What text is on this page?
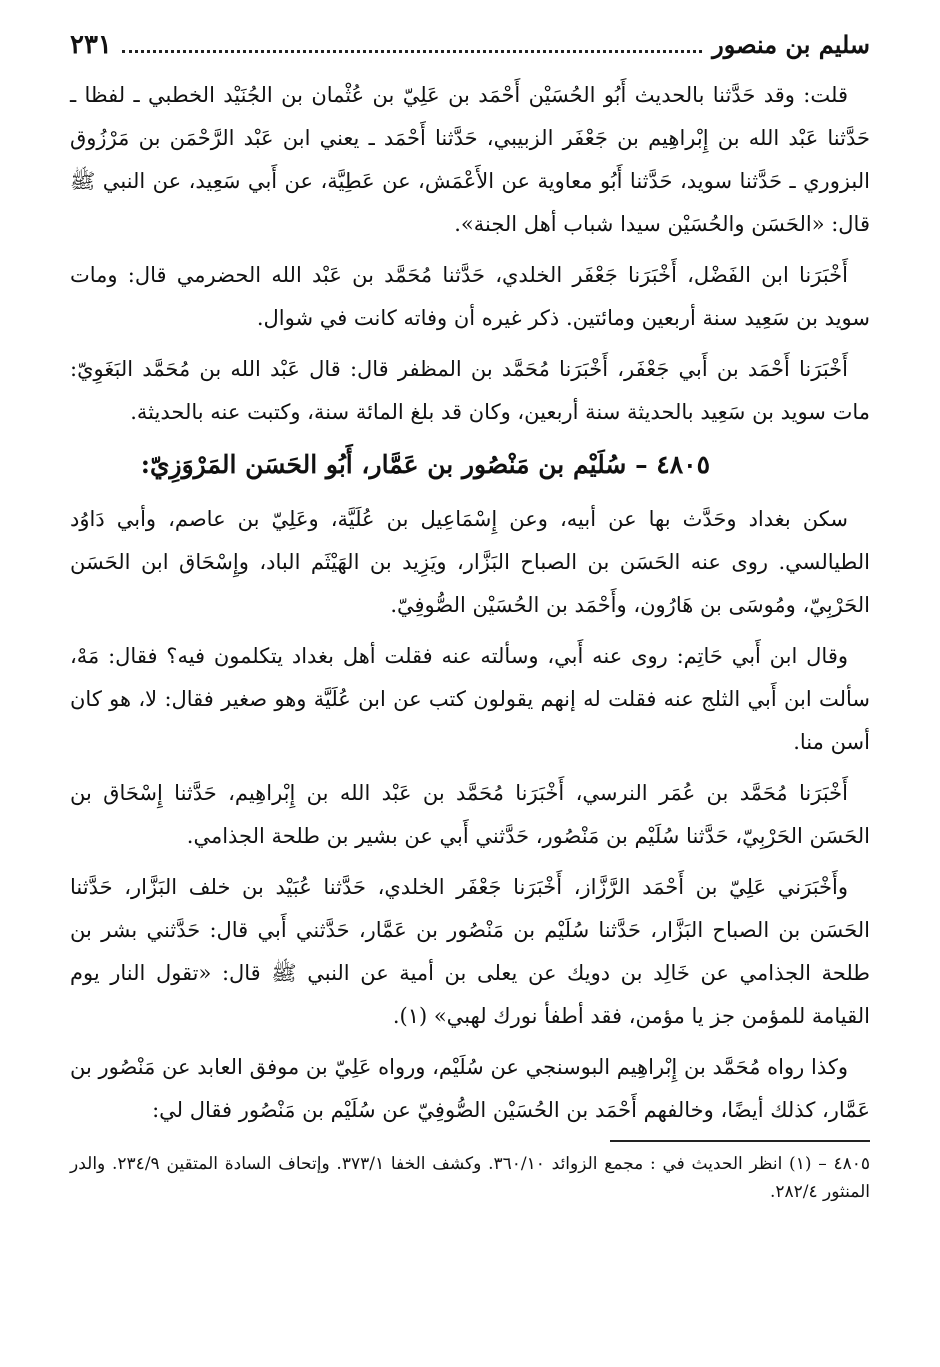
سليم بن منصور
٢٣١

قلت: وقد حَدَّثنا بالحديث أَبُو الحُسَيْن أَحْمَد بن عَلِيّ بن عُثْمان بن الجُنَيْد الخطبي ـ لفظا ـ حَدَّثنا عَبْد الله بن إِبْراهِيم بن جَعْفَر الزبيبي، حَدَّثنا أَحْمَد ـ يعني ابن عَبْد الرَّحْمَن بن مَرْزُوق البزوري ـ حَدَّثنا سويد، حَدَّثنا أَبُو معاوية عن الأَعْمَش، عن عَطِيَّة، عن أَبي سَعِيد، عن النبي ﷺ قال: «الحَسَن والحُسَيْن سيدا شباب أهل الجنة».

أَخْبَرَنا ابن الفَضْل، أَخْبَرَنا جَعْفَر الخلدي، حَدَّثنا مُحَمَّد بن عَبْد الله الحضرمي قال: ومات سويد بن سَعِيد سنة أربعين ومائتين. ذكر غيره أن وفاته كانت في شوال.

أَخْبَرَنا أَحْمَد بن أَبي جَعْفَر، أَخْبَرَنا مُحَمَّد بن المظفر قال: قال عَبْد الله بن مُحَمَّد البَغَوِيّ: مات سويد بن سَعِيد بالحديثة سنة أربعين، وكان قد بلغ المائة سنة، وكتبت عنه بالحديثة.

٤٨٠٥ – سُلَيْم بن مَنْصُور بن عَمَّار، أَبُو الحَسَن المَرْوَزِيّ:

سكن بغداد وحَدَّث بها عن أبيه، وعن إِسْمَاعِيل بن عُلَيَّة، وعَلِيّ بن عاصم، وأبي دَاوُد الطيالسي. روى عنه الحَسَن بن الصباح البَزَّار، ويَزِيد بن الهَيْثَم الباد، وإِسْحَاق ابن الحَسَن الحَرْبِيّ، ومُوسَى بن هَارُون، وأَحْمَد بن الحُسَيْن الصُّوفِيّ.

وقال ابن أَبي حَاتِم: روى عنه أَبي، وسألته عنه فقلت أهل بغداد يتكلمون فيه؟ فقال: مَهْ، سألت ابن أَبي الثلج عنه فقلت له إنهم يقولون كتب عن ابن عُلَيَّة وهو صغير فقال: لا، هو كان أسن منا.

أَخْبَرَنا مُحَمَّد بن عُمَر النرسي، أَخْبَرَنا مُحَمَّد بن عَبْد الله بن إِبْراهِيم، حَدَّثنا إِسْحَاق بن الحَسَن الحَرْبِيّ، حَدَّثنا سُلَيْم بن مَنْصُور، حَدَّثني أَبي عن بشير بن طلحة الجذامي.

وأَخْبَرَني عَلِيّ بن أَحْمَد الرَّزَّاز، أَخْبَرَنا جَعْفَر الخلدي، حَدَّثنا عُبَيْد بن خلف البَزَّار، حَدَّثنا الحَسَن بن الصباح البَزَّار، حَدَّثنا سُلَيْم بن مَنْصُور بن عَمَّار، حَدَّثني أَبي قال: حَدَّثني بشر بن طلحة الجذامي عن خَالِد بن دويك عن يعلى بن أمية عن النبي ﷺ قال: «تقول النار يوم القيامة للمؤمن جز يا مؤمن، فقد أطفأ نورك لهبي» (١).

وكذا رواه مُحَمَّد بن إِبْراهِيم البوسنجي عن سُلَيْم، ورواه عَلِيّ بن موفق العابد عن مَنْصُور بن عَمَّار، كذلك أيضًا، وخالفهم أَحْمَد بن الحُسَيْن الصُّوفِيّ عن سُلَيْم بن مَنْصُور فقال لي:

٤٨٠٥ – (١) انظر الحديث في : مجمع الزوائد ٣٦٠/١٠. وكشف الخفا ٣٧٣/١. وإتحاف السادة المتقين ٢٣٤/٩. والدر المنثور ٢٨٢/٤.
